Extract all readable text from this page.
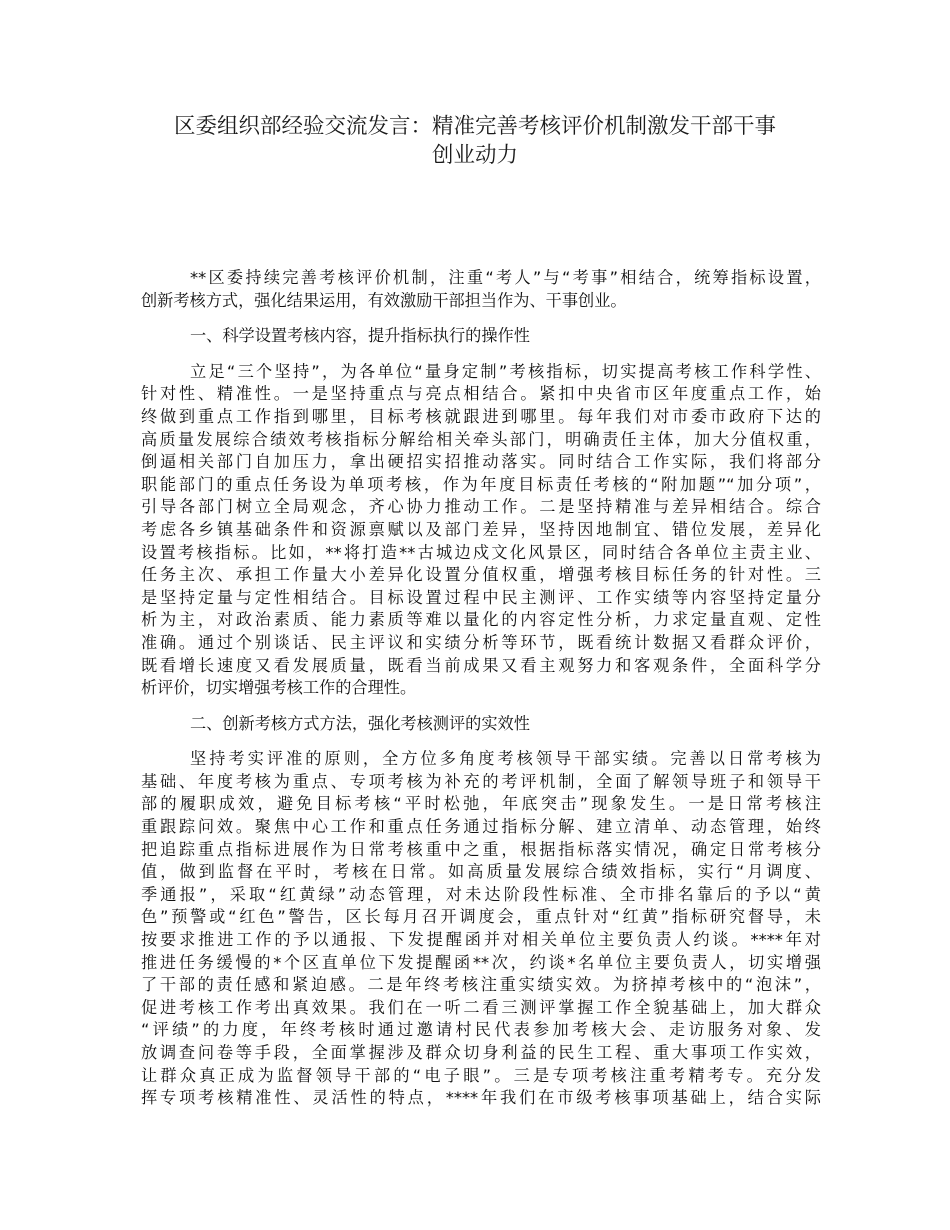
区委组织部经验交流发言：精准完善考核评价机制激发干部干事
创业动力
**区委持续完善考核评价机制，注重“考人”与“考事”相结合，统筹指标设置，
创新考核方式，强化结果运用，有效激励干部担当作为、干事创业。
一、科学设置考核内容，提升指标执行的操作性
立足“三个坚持”，为各单位“量身定制”考核指标，切实提高考核工作科学性、
针对性、精准性。一是坚持重点与亮点相结合。紧扣中央省市区年度重点工作，始
终做到重点工作指到哪里，目标考核就跟进到哪里。每年我们对市委市政府下达的
高质量发展综合绩效考核指标分解给相关牵头部门，明确责任主体，加大分值权重，
倒逼相关部门自加压力，拿出硬招实招推动落实。同时结合工作实际，我们将部分
职能部门的重点任务设为单项考核，作为年度目标责任考核的“附加题”“加分项”，
引导各部门树立全局观念，齐心协力推动工作。二是坚持精准与差异相结合。综合
考虑各乡镇基础条件和资源禀赋以及部门差异，坚持因地制宜、错位发展，差异化
设置考核指标。比如，**将打造**古城边戍文化风景区，同时结合各单位主责主业、
任务主次、承担工作量大小差异化设置分值权重，增强考核目标任务的针对性。三
是坚持定量与定性相结合。目标设置过程中民主测评、工作实绩等内容坚持定量分
析为主，对政治素质、能力素质等难以量化的内容定性分析，力求定量直观、定性
准确。通过个别谈话、民主评议和实绩分析等环节，既看统计数据又看群众评价，
既看增长速度又看发展质量，既看当前成果又看主观努力和客观条件，全面科学分
析评价，切实增强考核工作的合理性。
二、创新考核方式方法，强化考核测评的实效性
坚持考实评准的原则，全方位多角度考核领导干部实绩。完善以日常考核为
基础、年度考核为重点、专项考核为补充的考评机制，全面了解领导班子和领导干
部的履职成效，避免目标考核“平时松弛，年底突击”现象发生。一是日常考核注
重跟踪问效。聚焦中心工作和重点任务通过指标分解、建立清单、动态管理，始终
把追踪重点指标进展作为日常考核重中之重，根据指标落实情况，确定日常考核分
值，做到监督在平时，考核在日常。如高质量发展综合绩效指标，实行“月调度、
季通报”，采取“红黄绿”动态管理，对未达阶段性标准、全市排名靠后的予以“黄
色”预警或“红色”警告，区长每月召开调度会，重点针对“红黄”指标研究督导，未
按要求推进工作的予以通报、下发提醒函并对相关单位主要负责人约谈。****年对
推进任务缓慢的*个区直单位下发提醒函**次，约谈*名单位主要负责人，切实增强
了干部的责任感和紧迫感。二是年终考核注重实绩实效。为挤掉考核中的“泡沫”，
促进考核工作考出真效果。我们在一听二看三测评掌握工作全貌基础上，加大群众
“评绩”的力度，年终考核时通过邀请村民代表参加考核大会、走访服务对象、发
放调查问卷等手段，全面掌握涉及群众切身利益的民生工程、重大事项工作实效，
让群众真正成为监督领导干部的“电子眼”。三是专项考核注重考精考专。充分发
挥专项考核精准性、灵活性的特点，****年我们在市级考核事项基础上，结合实际
